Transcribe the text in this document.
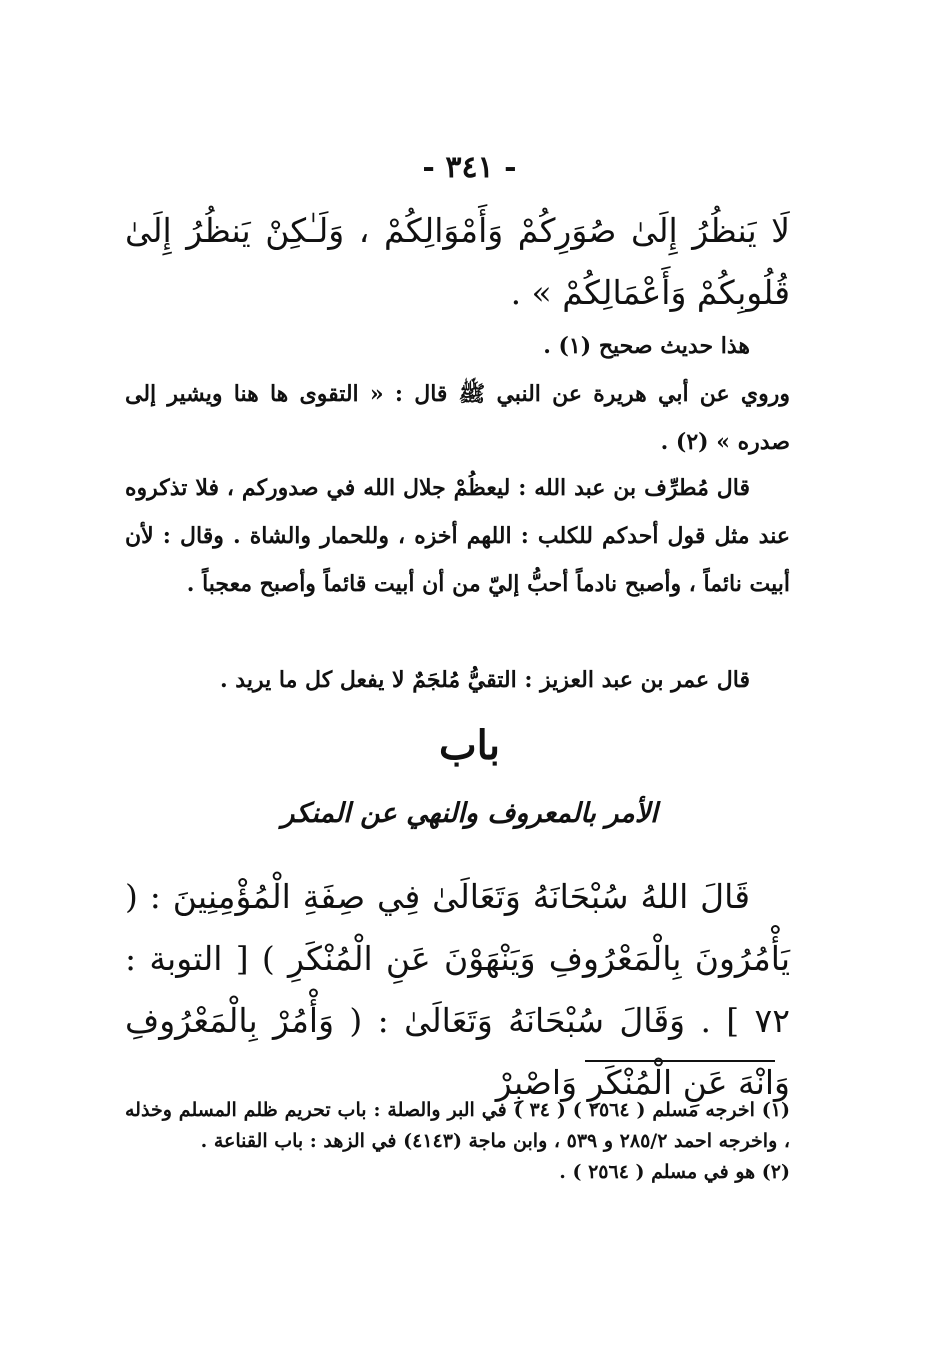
- ٣٤١ -

لَا يَنظُرُ إِلَىٰ صُوَرِكُمْ وَأَمْوَالِكُمْ ، وَلَـٰكِنْ يَنظُرُ إِلَىٰ قُلُوبِكُمْ وَأَعْمَالِكُمْ » .

هذا حديث صحيح (١) .

وروي عن أبي هريرة عن النبي ﷺ قال : « التقوى ها هنا ويشير إلى صدره » (٢) .

قال مُطرِّف بن عبد الله : ليعظُمْ جلال الله في صدوركم ، فلا تذكروه عند مثل قول أحدكم للكلب : اللهم أخزه ، وللحمار والشاة . وقال : لأن أبيت نائماً ، وأصبح نادماً أحبُّ إليّ من أن أبيت قائماً وأصبح معجباً .

قال عمر بن عبد العزيز : التقيُّ مُلجَمٌ لا يفعل كل ما يريد .

باب
الأمر بالمعروف والنهي عن المنكر

قَالَ اللهُ سُبْحَانَهُ وَتَعَالَىٰ فِي صِفَةِ الْمُؤْمِنِينَ : ( يَأْمُرُونَ بِالْمَعْرُوفِ وَيَنْهَوْنَ عَنِ الْمُنْكَرِ ) [ التوبة : ٧٢ ] . وَقَالَ سُبْحَانَهُ وَتَعَالَىٰ : ( وَأْمُرْ بِالْمَعْرُوفِ وَانْهَ عَنِ الْمُنْكَرِ وَاصْبِرْ

(١) اخرجه مسلم ( ٢٥٦٤ ) ( ٣٤ ) في البر والصلة : باب تحريم ظلم المسلم وخذله ، واخرجه احمد ٢٨٥/٢ و ٥٣٩ ، وابن ماجة (٤١٤٣) في الزهد : باب القناعة .

(٢) هو في مسلم ( ٢٥٦٤ ) .
